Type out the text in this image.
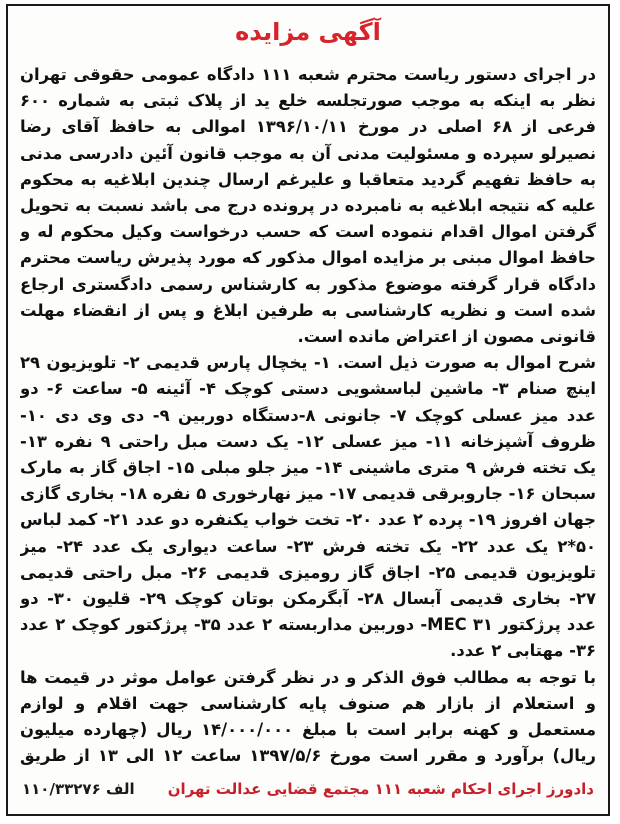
آگهی مزایده

در اجرای دستور ریاست محترم شعبه ۱۱۱ دادگاه عمومی حقوقی تهران نظر به اینکه به موجب صورتجلسه خلع ید از پلاک ثبتی به شماره ۶۰۰ فرعی از ۶۸ اصلی در مورخ ۱۳۹۶/۱۰/۱۱ اموالی به حافظ آقای رضا نصیرلو سپرده و مسئولیت مدنی آن به موجب قانون آئین دادرسی مدنی به حافظ تفهیم گردید متعاقبا و علیرغم ارسال چندین ابلاغیه به محکوم علیه که نتیجه ابلاغیه به نامبرده در پرونده درج می باشد نسبت به تحویل گرفتن اموال اقدام ننموده است که حسب درخواست وکیل محکوم له و حافظ اموال مبنی بر مزایده اموال مذکور که مورد پذیرش ریاست محترم دادگاه قرار گرفته موضوع مذکور به کارشناس رسمی دادگستری ارجاع شده است و نظریه کارشناسی به طرفین ابلاغ و پس از انقضاء مهلت قانونی مصون از اعتراض مانده است.

شرح اموال به صورت ذیل است. ۱- یخچال پارس قدیمی ۲- تلویزیون ۲۹ اینچ صنام ۳- ماشین لباسشویی دستی کوچک ۴- آئینه ۵- ساعت ۶- دو عدد میز عسلی کوچک ۷- جانونی ۸-دستگاه دوربین ۹- دی وی دی ۱۰- ظروف آشپزخانه ۱۱- میز عسلی ۱۲- یک دست مبل راحتی ۹ نفره ۱۳- یک تخته فرش ۹ متری ماشینی ۱۴- میز جلو مبلی ۱۵- اجاق گاز به مارک سبحان ۱۶- جاروبرقی قدیمی ۱۷- میز نهارخوری ۵ نفره ۱۸- بخاری گازی جهان افروز ۱۹- پرده ۲ عدد ۲۰- تخت خواب یکنفره دو عدد ۲۱- کمد لباس ۵۰*۲ یک عدد ۲۲- یک تخته فرش ۲۳- ساعت دیواری یک عدد ۲۴- میز تلویزیون قدیمی ۲۵- اجاق گاز رومیزی قدیمی ۲۶- مبل راحتی قدیمی ۲۷- بخاری قدیمی آبسال ۲۸- آبگرمکن بوتان کوچک ۲۹- قلیون ۳۰- دو عدد پرژکتور MEC ۳۱- دوربین مداربسته ۲ عدد ۳۵- پرژکتور کوچک ۲ عدد ۳۶- مهتابی ۲ عدد.

با توجه به مطالب فوق الذکر و در نظر گرفتن عوامل موثر در قیمت ها و استعلام از بازار هم صنوف پایه کارشناسی جهت اقلام و لوازم مستعمل و کهنه برابر است با مبلغ ۱۴/۰۰۰/۰۰۰ ریال (چهارده میلیون ریال) برآورد و مقرر است مورخ ۱۳۹۷/۵/۶ ساعت ۱۲ الی ۱۳ از طریق

دادورز اجرای احکام شعبه ۱۱۱ مجتمع قضایی عدالت تهران
۱۱۰/۳۳۲۷۶ الف
